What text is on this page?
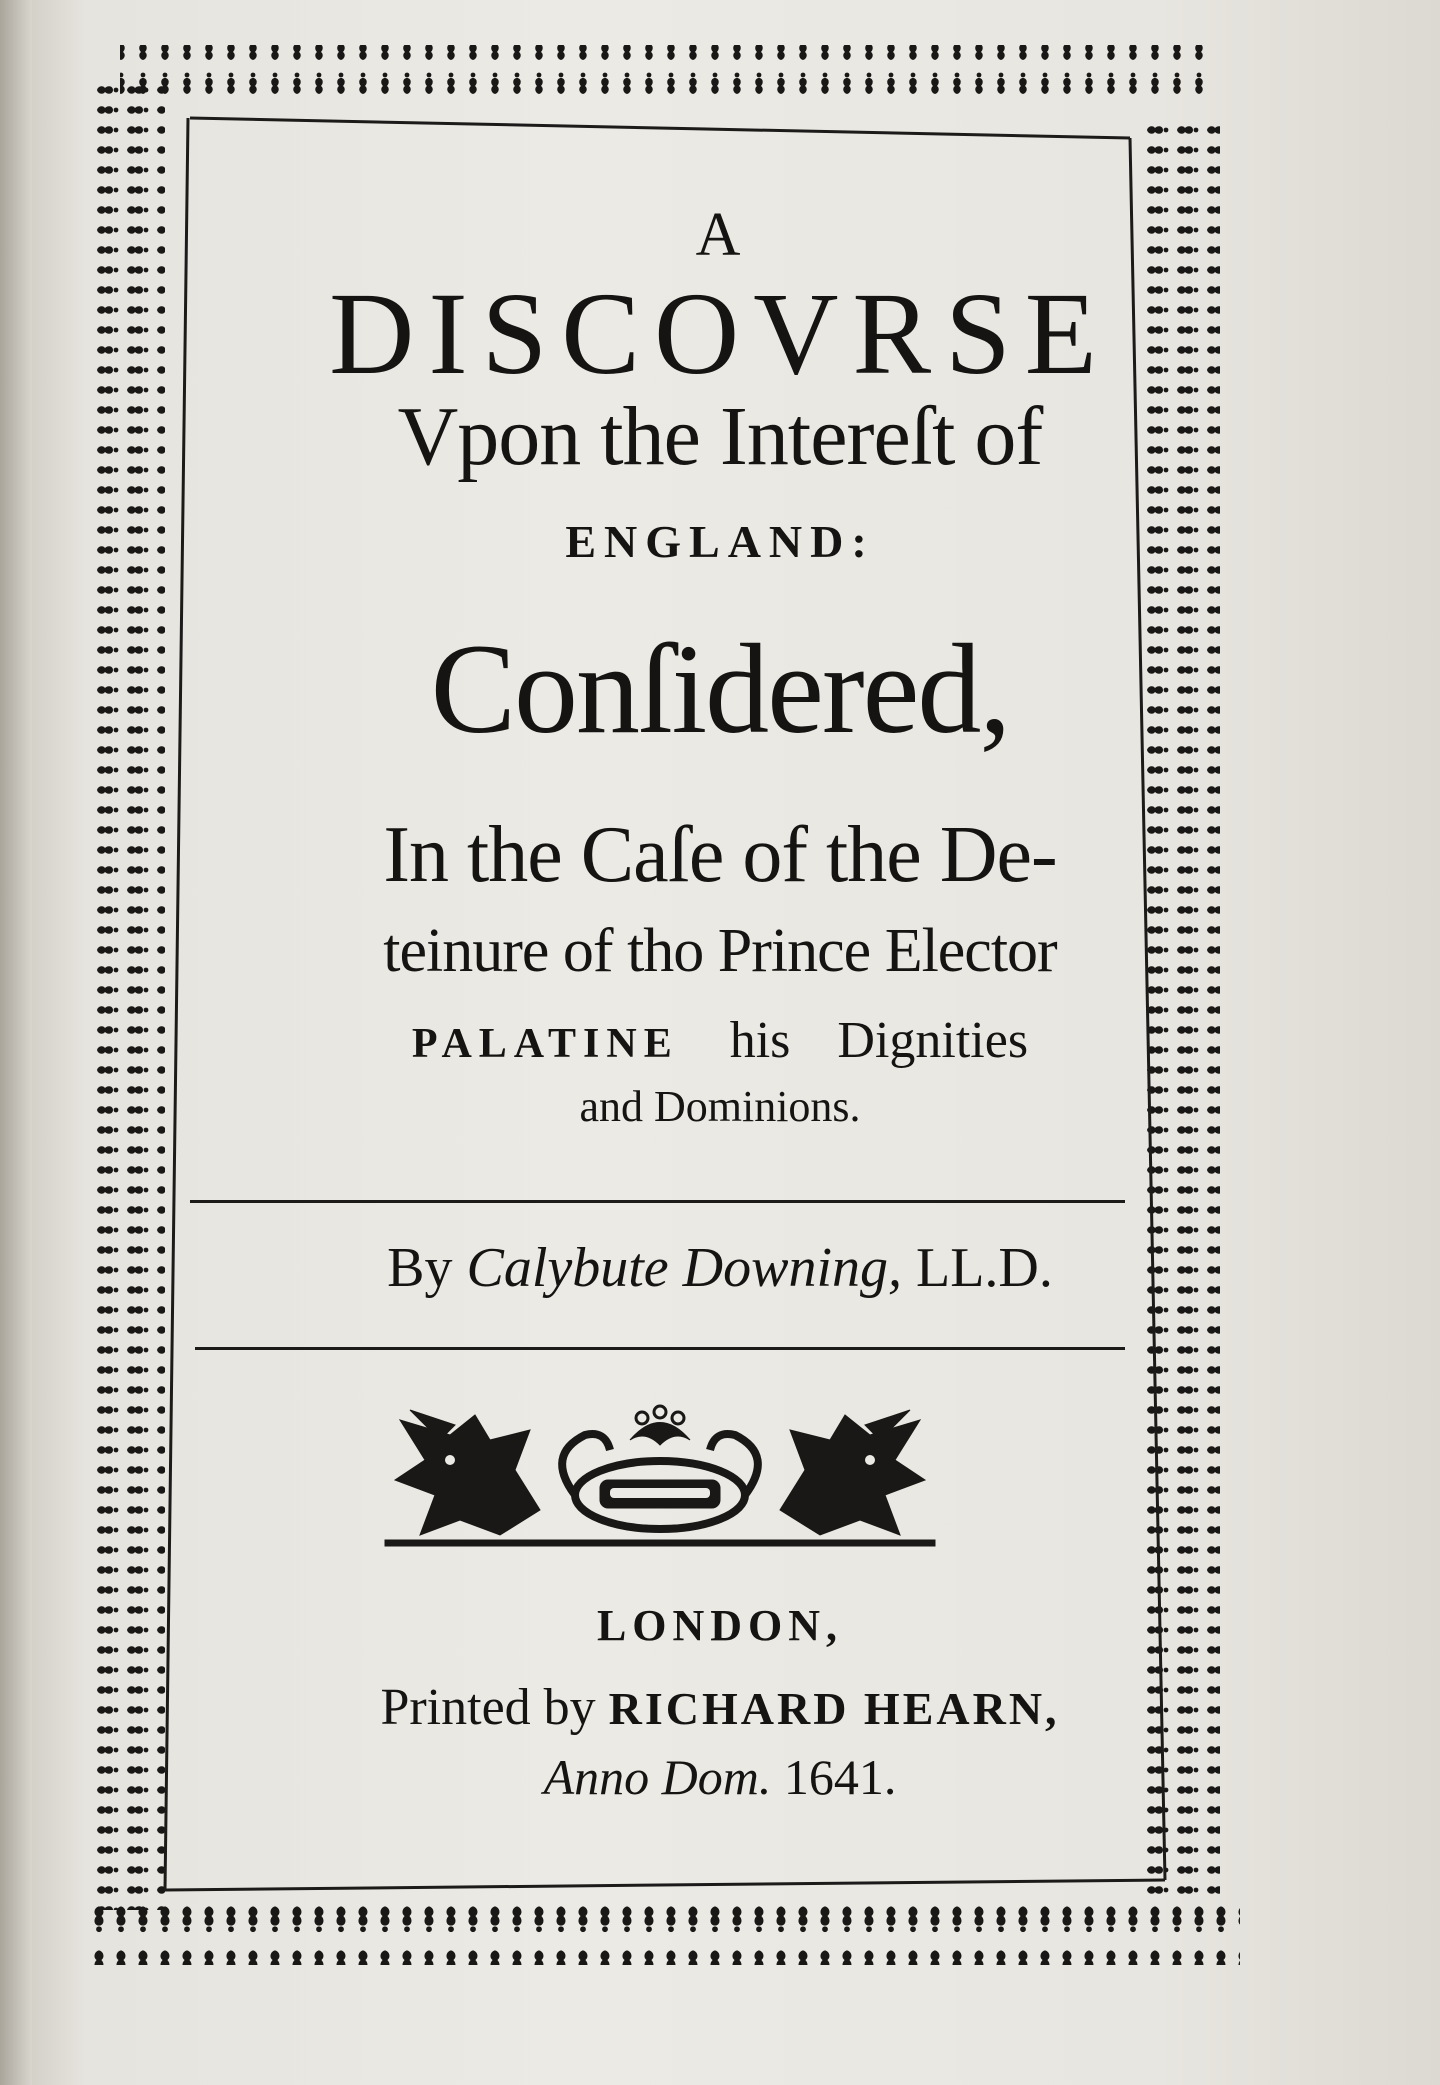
A
DISCOVRSE
Vpon the Intereſt of
ENGLAND:
Conſidered,
In the Caſe of the De-
teinure of tho Prince Elector
PALATINE his Dignities
and Dominions.
By Calybute Downing, LL.D.
LONDON,
Printed by RICHARD HEARN,
Anno Dom. 1641.
